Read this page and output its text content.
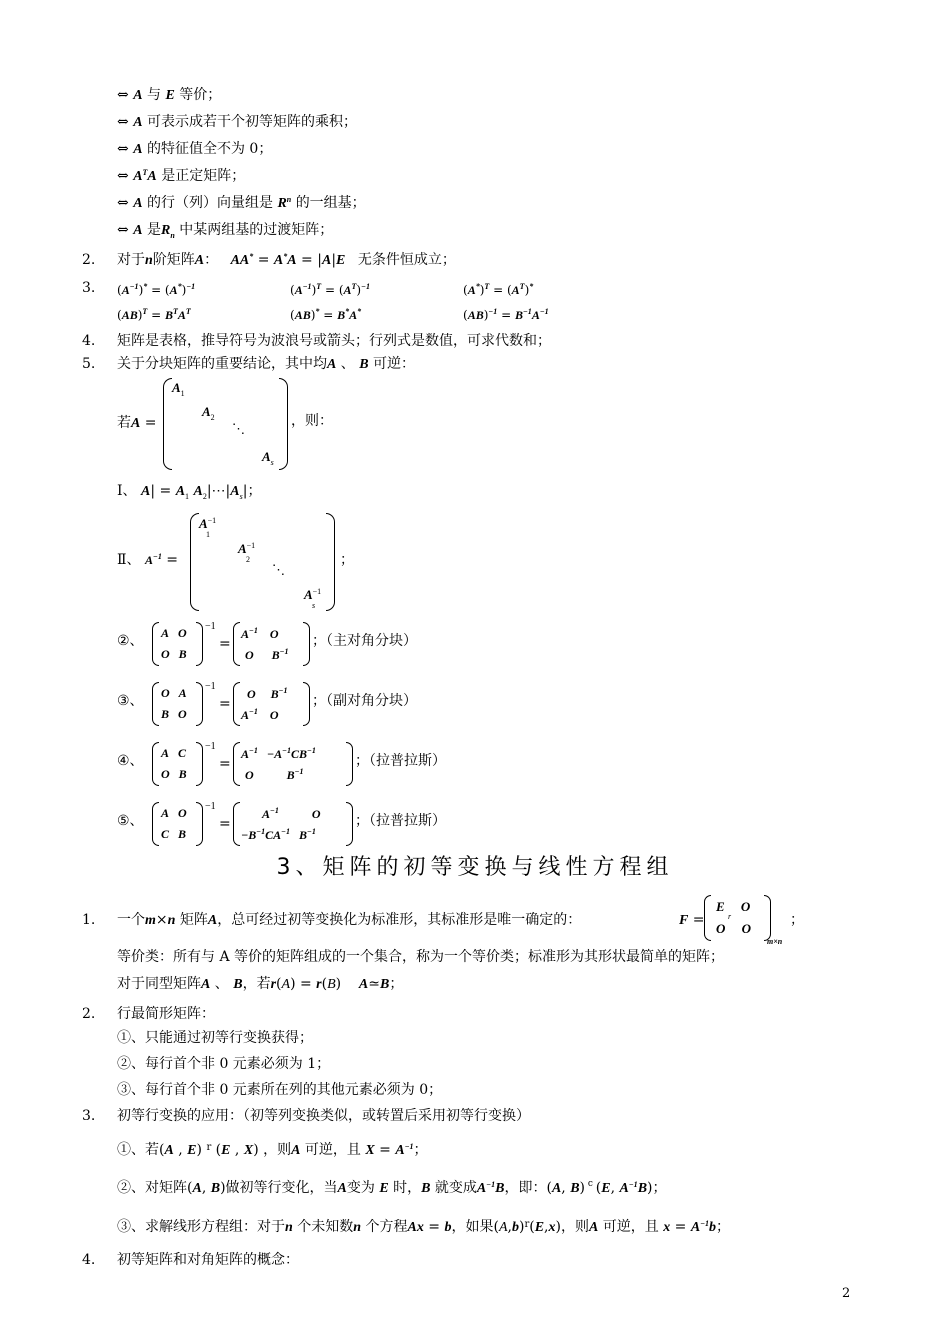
⇔ A 与 E 等价；
⇔ A 可表示成若干个初等矩阵的乘积；
⇔ A 的特征值全不为 0；
⇔ $A^TA$ 是正定矩阵；
⇔ A 的行（列）向量组是 $R^n$ 的一组基；
⇔ A 是$R_n$ 中某两组基的过渡矩阵；
2. 对于n阶矩阵A： AA* = A*A = |A|E 无条件恒成立；
3. $(A^{-1})^* = (A^*)^{-1}$	$(A^{-1})^T = (A^T)^{-1}$	$(A^*)^T = (A^T)^*$
$(AB)^T = B^TA^T$	(AB)* = B*A*	$(AB)^{-1} = B^{-1}A^{-1}$
4. 矩阵是表格，推导符号为波浪号或箭头；行列式是数值，可求代数和；
5. 关于分块矩阵的重要结论，其中均A 、 B 可逆：
若A =
$A_1$
$A_2$
⋱
$A_s$
，则：
Ⅰ、 $A| = A_1$ $A_2|\cdots|A_s|$；
Ⅱ、 $A^{-1}$ =
$A^{-1}$
1
$A^{-1}$
2
⋱
$A^{-1}$
s
；
②、 A   O
O   B
−1
=
$A^{-1}$    O
O      $B^{-1}$
；（主对角分块）
③、 O   A
B   O
−1
=
O     $B^{-1}$
$A^{-1}$    O
；（副对角分块）
④、 A   C
O   B
−1
=
$A^{-1} -A^{-1}CB^{-1}$
O           $B^{-1}$
；（拉普拉斯）
⑤、 A   O
C   B
−1
=
$A^{-1}$           O
$-B^{-1}CA^{-1}$   $B^{-1}$
；（拉普拉斯）
3、矩阵的初等变换与线性方程组
1. 一个m×n 矩阵A，总可经过初等变换化为标准形，其标准形是唯一确定的：	F =
E     O
r
O     O
m×n
；
等价类：所有与 A 等价的矩阵组成的一个集合，称为一个等价类；标准形为其形状最简单的矩阵；
对于同型矩阵A 、 B，若r(A) = r(B)    A≃B；
2. 行最简形矩阵：
①、只能通过初等行变换获得；
②、每行首个非 0 元素必须为 1；
③、每行首个非 0 元素所在列的其他元素必须为 0；
3. 初等行变换的应用：（初等列变换类似，或转置后采用初等行变换）
①、若(A , E) $^r$ (E , X) ，则A 可逆，且 $X = A^{-1}$；
②、对矩阵(A, B)做初等行变化，当A变为 E 时，B 就变成$A^{-1}B$，即：(A, B) $^c$ (E, $A^{-1}B$)；
③、求解线形方程组：对于n 个未知数n 个方程Ax = b，如果$(A,b)^r(E,x)$，则A 可逆，且 $x = A^{-1}b$；
4. 初等矩阵和对角矩阵的概念：
2
